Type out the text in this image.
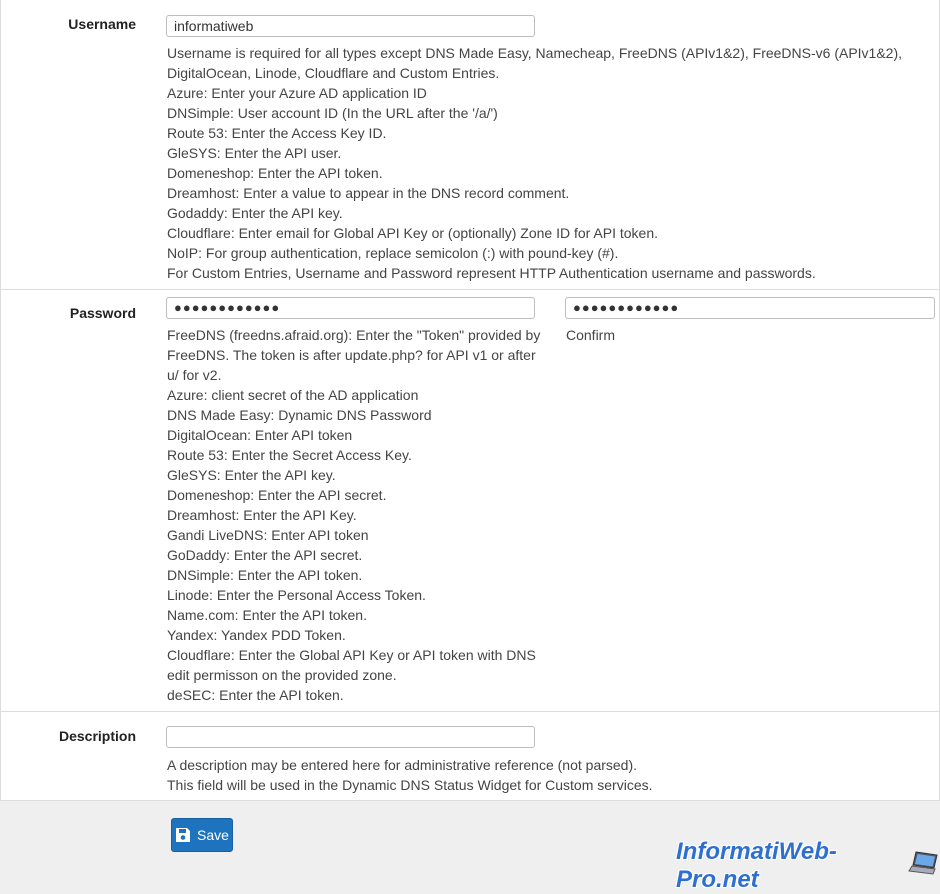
Username	informatiweb
Username is required for all types except DNS Made Easy, Namecheap, FreeDNS (APIv1&2), FreeDNS-v6 (APIv1&2),
DigitalOcean, Linode, Cloudflare and Custom Entries.
Azure: Enter your Azure AD application ID
DNSimple: User account ID (In the URL after the '/a/')
Route 53: Enter the Access Key ID.
GleSYS: Enter the API user.
Domeneshop: Enter the API token.
Dreamhost: Enter a value to appear in the DNS record comment.
Godaddy: Enter the API key.
Cloudflare: Enter email for Global API Key or (optionally) Zone ID for API token.
NoIP: For group authentication, replace semicolon (:) with pound-key (#).
For Custom Entries, Username and Password represent HTTP Authentication username and passwords.
Password	●●●●●●●●●●●●	●●●●●●●●●●●●
Confirm
FreeDNS (freedns.afraid.org): Enter the "Token" provided by
FreeDNS. The token is after update.php? for API v1 or after
u/ for v2.
Azure: client secret of the AD application
DNS Made Easy: Dynamic DNS Password
DigitalOcean: Enter API token
Route 53: Enter the Secret Access Key.
GleSYS: Enter the API key.
Domeneshop: Enter the API secret.
Dreamhost: Enter the API Key.
Gandi LiveDNS: Enter API token
GoDaddy: Enter the API secret.
DNSimple: Enter the API token.
Linode: Enter the Personal Access Token.
Name.com: Enter the API token.
Yandex: Yandex PDD Token.
Cloudflare: Enter the Global API Key or API token with DNS
edit permisson on the provided zone.
deSEC: Enter the API token.
Description
A description may be entered here for administrative reference (not parsed).
This field will be used in the Dynamic DNS Status Widget for Custom services.
Save
InformatiWeb-Pro.net
